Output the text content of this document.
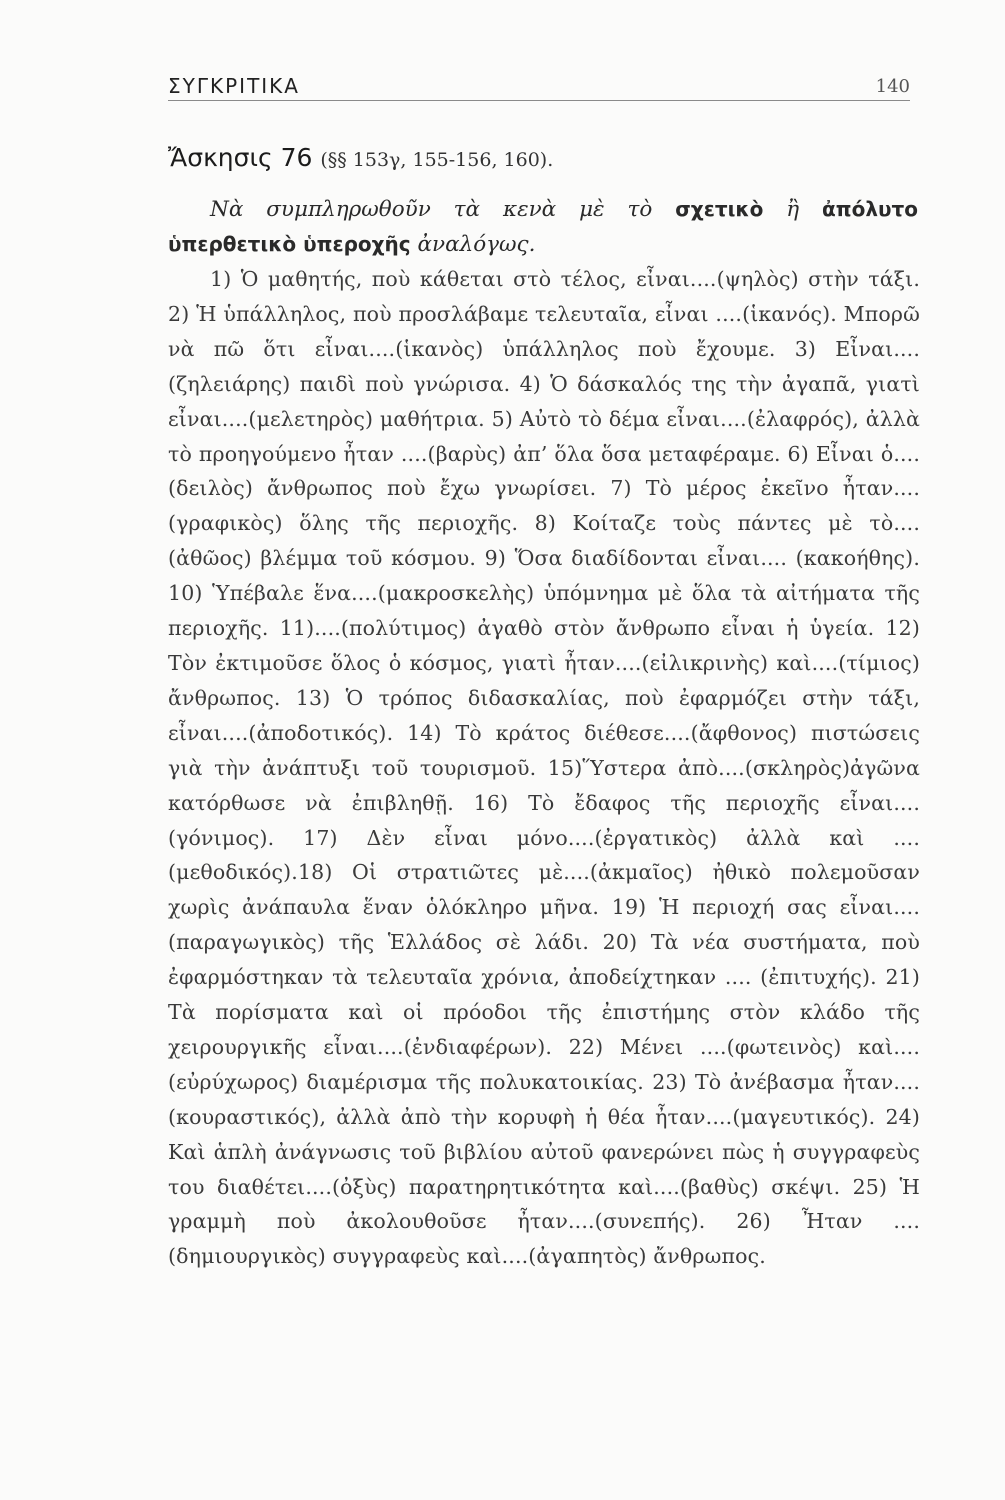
ΣΥΓΚΡΙΤΙΚΑ	140
Ἄσκησις 76 (§§ 153γ, 155-156, 160).

Νὰ συμπληρωθοῦν τὰ κενὰ μὲ τὸ σχετικὸ ἢ ἀπόλυτο ὑπερθετικὸ ὑπεροχῆς ἀναλόγως.

1) Ὁ μαθητής, ποὺ κάθεται στὸ τέλος, εἶναι....(ψηλὸς) στὴν τάξι. 2) Ἡ ὑπάλληλος, ποὺ προσλάβαμε τελευταῖα, εἶναι ....(ἱκανός). Μπορῶ νὰ πῶ ὅτι εἶναι....(ἱκανὸς) ὑπάλληλος ποὺ ἔχουμε. 3) Εἶναι....(ζηλειάρης) παιδὶ ποὺ γνώρισα. 4) Ὁ δάσκαλός της τὴν ἀγαπᾶ, γιατὶ εἶναι....(μελετηρὸς) μαθήτρια. 5) Αὐτὸ τὸ δέμα εἶναι....(ἐλαφρός), ἀλλὰ τὸ προηγούμενο ἦταν ....(βαρὺς) ἀπ’ ὅλα ὅσα μεταφέραμε. 6) Εἶναι ὁ....(δειλὸς) ἄνθρωπος ποὺ ἔχω γνωρίσει. 7) Τὸ μέρος ἐκεῖνο ἦταν....(γραφικὸς) ὅλης τῆς περιοχῆς. 8) Κοίταζε τοὺς πάντες μὲ τὸ.... (ἀθῶος) βλέμμα τοῦ κόσμου. 9) Ὅσα διαδίδονται εἶναι.... (κακοήθης). 10) Ὑπέβαλε ἕνα....(μακροσκελὴς) ὑπόμνημα μὲ ὅλα τὰ αἰτήματα τῆς περιοχῆς. 11)....(πολύτιμος) ἀγαθὸ στὸν ἄνθρωπο εἶναι ἡ ὑγεία. 12) Τὸν ἐκτιμοῦσε ὅλος ὁ κόσμος, γιατὶ ἦταν....(εἰλικρινὴς) καὶ....(τίμιος) ἄνθρωπος. 13) Ὁ τρόπος διδασκαλίας, ποὺ ἐφαρμόζει στὴν τάξι, εἶναι....(ἀποδοτικός). 14) Τὸ κράτος διέθεσε....(ἄφθονος) πιστώσεις γιὰ τὴν ἀνάπτυξι τοῦ τουρισμοῦ. 15)Ὕστερα ἀπὸ....(σκληρὸς)ἀγῶνα κατόρθωσε νὰ ἐπιβληθῇ. 16) Τὸ ἔδαφος τῆς περιοχῆς εἶναι....(γόνιμος). 17) Δὲν εἶναι μόνο....(ἐργατικὸς) ἀλλὰ καὶ .... (μεθοδικός).18) Οἱ στρατιῶτες μὲ....(ἀκμαῖος) ἠθικὸ πολεμοῦσαν χωρὶς ἀνάπαυλα ἕναν ὁλόκληρο μῆνα. 19) Ἡ περιοχή σας εἶναι.... (παραγωγικὸς) τῆς Ἑλλάδος σὲ λάδι. 20) Τὰ νέα συστήματα, ποὺ ἐφαρμόστηκαν τὰ τελευταῖα χρόνια, ἀποδείχτηκαν .... (ἐπιτυχής). 21) Τὰ πορίσματα καὶ οἱ πρόοδοι τῆς ἐπιστήμης στὸν κλάδο τῆς χειρουργικῆς εἶναι....(ἐνδιαφέρων). 22) Μένει ....(φωτεινὸς) καὶ....(εὐρύχωρος) διαμέρισμα τῆς πολυκατοικίας. 23) Τὸ ἀνέβασμα ἦταν....(κουραστικός), ἀλλὰ ἀπὸ τὴν κορυφὴ ἡ θέα ἦταν....(μαγευτικός). 24) Καὶ ἁπλὴ ἀνάγνωσις τοῦ βιβλίου αὐτοῦ φανερώνει πὼς ἡ συγγραφεὺς του διαθέτει....(ὀξὺς) παρατηρητικότητα καὶ....(βαθὺς) σκέψι. 25) Ἡ γραμμὴ ποὺ ἀκολουθοῦσε ἦταν....(συνεπής). 26) Ἦταν ....(δημιουργικὸς) συγγραφεὺς καὶ....(ἀγαπητὸς) ἄνθρωπος.
